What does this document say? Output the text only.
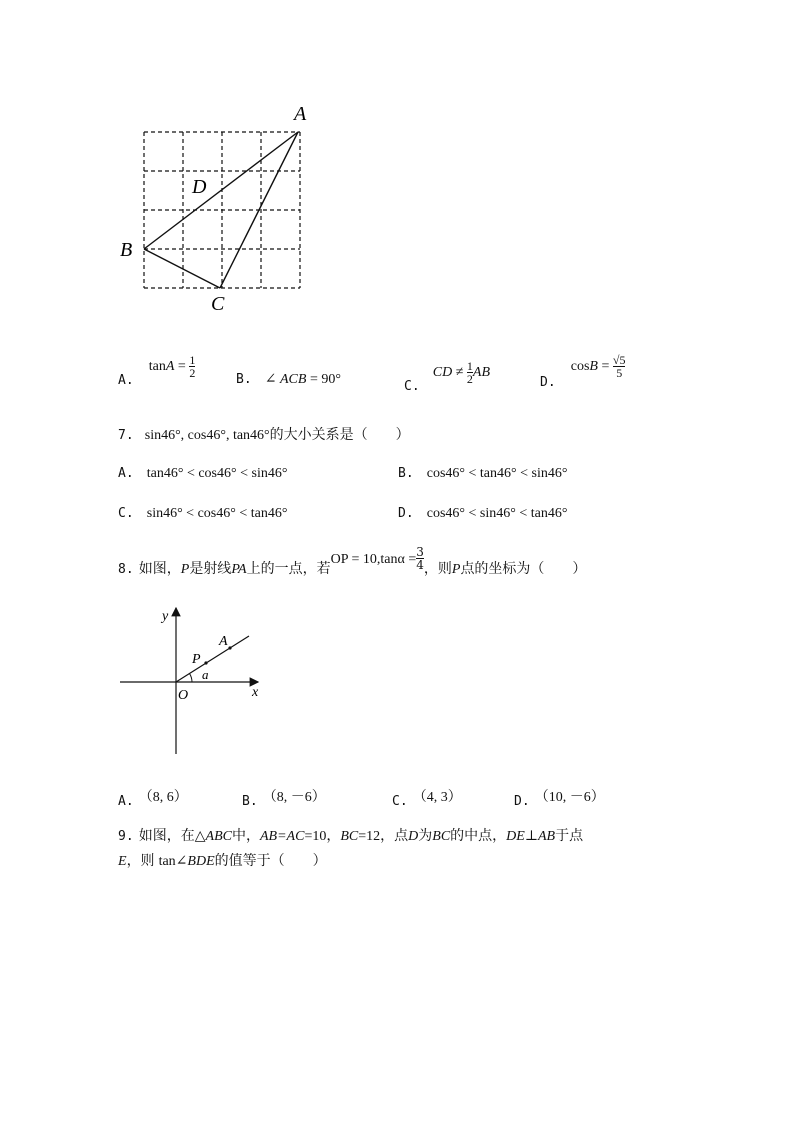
A
B
C
D
$_{A.}$ $\tan A = \frac{1}{2}$
B. ∠ ACB = 90°	$_{C.}$ CD ≠ $\frac{1}{2}$ AB
$_{D.}$ $\cos B = \frac{√5}{5}$
7. sin46°, cos46°, tan46°的大小关系是（　　）
A. tan46° < cos46° < sin46°	B. cos46° < tan46° < sin46°
C. sin46° < cos46° < tan46°	D. cos46° < sin46° < tan46°
$_{8.}$ 如图，P是射线PA上的一点，若OP = $10,\tan\alpha = \frac{3}{4}$ ，则P点的坐标为（　　）
y
x
O
P
A
a
$_{A.}$ （8, 6）	$_{B.}$ （8, －6）	$_{C.}$ （4, 3）	$_{D.}$ （10, －6）
9. 如图，在△ABC中，AB=AC=10，BC=12，点D为BC的中点，DE⊥AB于点
E，则 tan∠BDE的值等于（　　）
